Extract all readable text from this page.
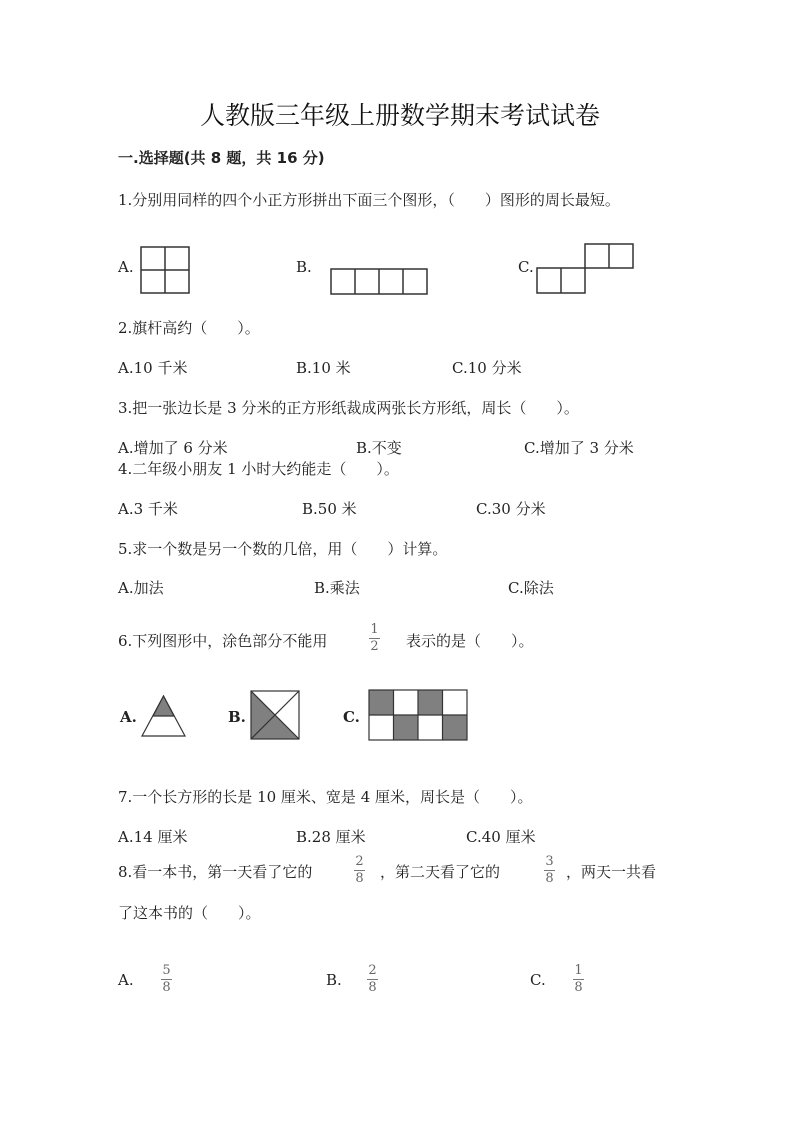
人教版三年级上册数学期末考试试卷
一.选择题(共 8 题，共 16 分)
1.分别用同样的四个小正方形拼出下面三个图形，（　　）图形的周长最短。
A.	B.	C.
2.旗杆高约（　　）。
A.10 千米	B.10 米	C.10 分米
3.把一张边长是 3 分米的正方形纸裁成两张长方形纸，周长（　　）。
A.增加了 6 分米	B.不变	C.增加了 3 分米
4.二年级小朋友 1 小时大约能走（　　）。
A.3 千米	B.50 米	C.30 分米
5.求一个数是另一个数的几倍，用（　　）计算。
A.加法	B.乘法	C.除法
6.下列图形中，涂色部分不能用
1
2 表示的是（　　）。
A.	B.	C.
7.一个长方形的长是 10 厘米、宽是 4 厘米，周长是（　　）。
A.14 厘米	B.28 厘米	C.40 厘米
8.看一本书，第一天看了它的
2
8 ，第二天看了它的
3
8 ，两天一共看
了这本书的（　　）。
A.
5
8	B.
2
8	C.
1
8
